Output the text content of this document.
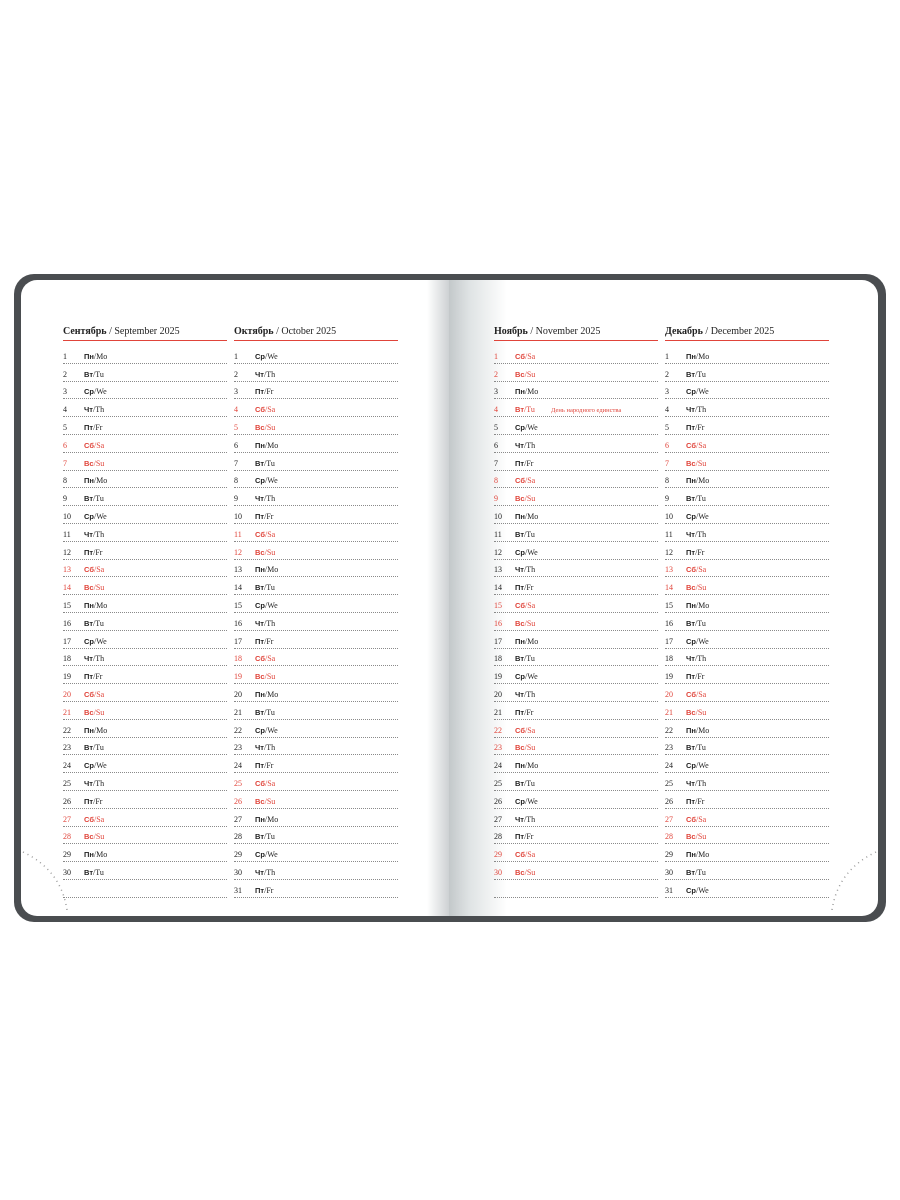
Сентябрь / September 2025
1 Пн/Mo
2 Вт/Tu
3 Ср/We
4 Чт/Th
5 Пт/Fr
6 Сб/Sa
7 Вс/Su
8 Пн/Mo
9 Вт/Tu
10 Ср/We
11 Чт/Th
12 Пт/Fr
13 Сб/Sa
14 Вс/Su
15 Пн/Mo
16 Вт/Tu
17 Ср/We
18 Чт/Th
19 Пт/Fr
20 Сб/Sa
21 Вс/Su
22 Пн/Mo
23 Вт/Tu
24 Ср/We
25 Чт/Th
26 Пт/Fr
27 Сб/Sa
28 Вс/Su
29 Пн/Mo
30 Вт/Tu
Октябрь / October 2025
1 Ср/We
2 Чт/Th
3 Пт/Fr
4 Сб/Sa
5 Вс/Su
6 Пн/Mo
7 Вт/Tu
8 Ср/We
9 Чт/Th
10 Пт/Fr
11 Сб/Sa
12 Вс/Su
13 Пн/Mo
14 Вт/Tu
15 Ср/We
16 Чт/Th
17 Пт/Fr
18 Сб/Sa
19 Вс/Su
20 Пн/Mo
21 Вт/Tu
22 Ср/We
23 Чт/Th
24 Пт/Fr
25 Сб/Sa
26 Вс/Su
27 Пн/Mo
28 Вт/Tu
29 Ср/We
30 Чт/Th
31 Пт/Fr
Ноябрь / November 2025
1 Сб/Sa
2 Вс/Su
3 Пн/Mo
4 Вт/Tu День народного единства
5 Ср/We
6 Чт/Th
7 Пт/Fr
8 Сб/Sa
9 Вс/Su
10 Пн/Mo
11 Вт/Tu
12 Ср/We
13 Чт/Th
14 Пт/Fr
15 Сб/Sa
16 Вс/Su
17 Пн/Mo
18 Вт/Tu
19 Ср/We
20 Чт/Th
21 Пт/Fr
22 Сб/Sa
23 Вс/Su
24 Пн/Mo
25 Вт/Tu
26 Ср/We
27 Чт/Th
28 Пт/Fr
29 Сб/Sa
30 Вс/Su
Декабрь / December 2025
1 Пн/Mo
2 Вт/Tu
3 Ср/We
4 Чт/Th
5 Пт/Fr
6 Сб/Sa
7 Вс/Su
8 Пн/Mo
9 Вт/Tu
10 Ср/We
11 Чт/Th
12 Пт/Fr
13 Сб/Sa
14 Вс/Su
15 Пн/Mo
16 Вт/Tu
17 Ср/We
18 Чт/Th
19 Пт/Fr
20 Сб/Sa
21 Вс/Su
22 Пн/Mo
23 Вт/Tu
24 Ср/We
25 Чт/Th
26 Пт/Fr
27 Сб/Sa
28 Вс/Su
29 Пн/Mo
30 Вт/Tu
31 Ср/We
